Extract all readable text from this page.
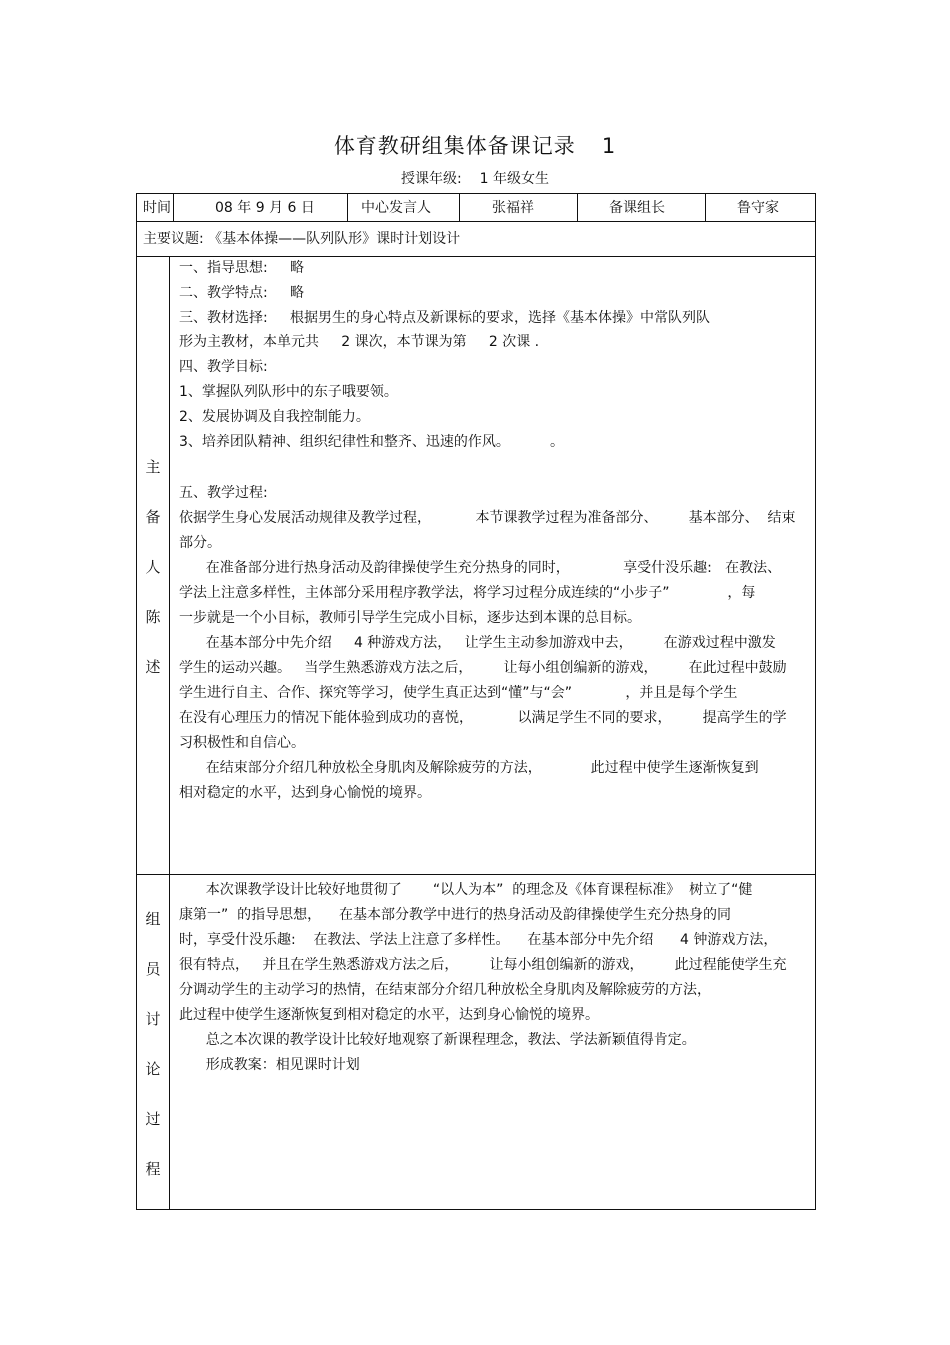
体育教研组集体备课记录 1
授课年级: 1 年级女生
时间	08 年 9 月 6 日	中心发言人	张福祥	备课组长	鲁守家
主要议题: 《基本体操——队列队形》课时计划设计
主
备
人
陈
述
一、指导思想:     略
二、教学特点:     略
三、教材选择:     根据男生的身心特点及新课标的要求，选择《基本体操》中常队列队
形为主教材，本单元共     2 课次，本节课为第     2 次课 .
四、教学目标:
1、掌握队列队形中的东子哦要领。
2、发展协调及自我控制能力。
3、培养团队精神、组织纪律性和整齐、迅速的作风。         。
五、教学过程:
依据学生身心发展活动规律及教学过程，          本节课教学过程为准备部分、       基本部分、  结束
部分。
在准备部分进行热身活动及韵律操使学生充分热身的同时，            享受什没乐趣:   在教法、
学法上注意多样性，主体部分采用程序教学法，将学习过程分成连续的“小步子”             ，每
一步就是一个小目标，教师引导学生完成小目标，逐步达到本课的总目标。
在基本部分中先介绍     4 种游戏方法，   让学生主动参加游戏中去，       在游戏过程中激发
学生的运动兴趣。   当学生熟悉游戏方法之后，       让每小组创编新的游戏，       在此过程中鼓励
学生进行自主、合作、探究等学习，使学生真正达到“懂”与“会”            ，并且是每个学生
在没有心理压力的情况下能体验到成功的喜悦，          以满足学生不同的要求，       提高学生的学
习积极性和自信心。
在结束部分介绍几种放松全身肌肉及解除疲劳的方法，           此过程中使学生逐渐恢复到
相对稳定的水平，达到身心愉悦的境界。
组
员
讨
论
过
程
本次课教学设计比较好地贯彻了       “以人为本”  的理念及《体育课程标准》  树立了“健
康第一”  的指导思想，    在基本部分教学中进行的热身活动及韵律操使学生充分热身的同
时，享受什没乐趣:    在教法、学法上注意了多样性。    在基本部分中先介绍      4 钟游戏方法，
很有特点，   并且在学生熟悉游戏方法之后，       让每小组创编新的游戏，       此过程能使学生充
分调动学生的主动学习的热情，在结束部分介绍几种放松全身肌肉及解除疲劳的方法，
此过程中使学生逐渐恢复到相对稳定的水平，达到身心愉悦的境界。
总之本次课的教学设计比较好地观察了新课程理念，教法、学法新颖值得肯定。
形成教案：相见课时计划
